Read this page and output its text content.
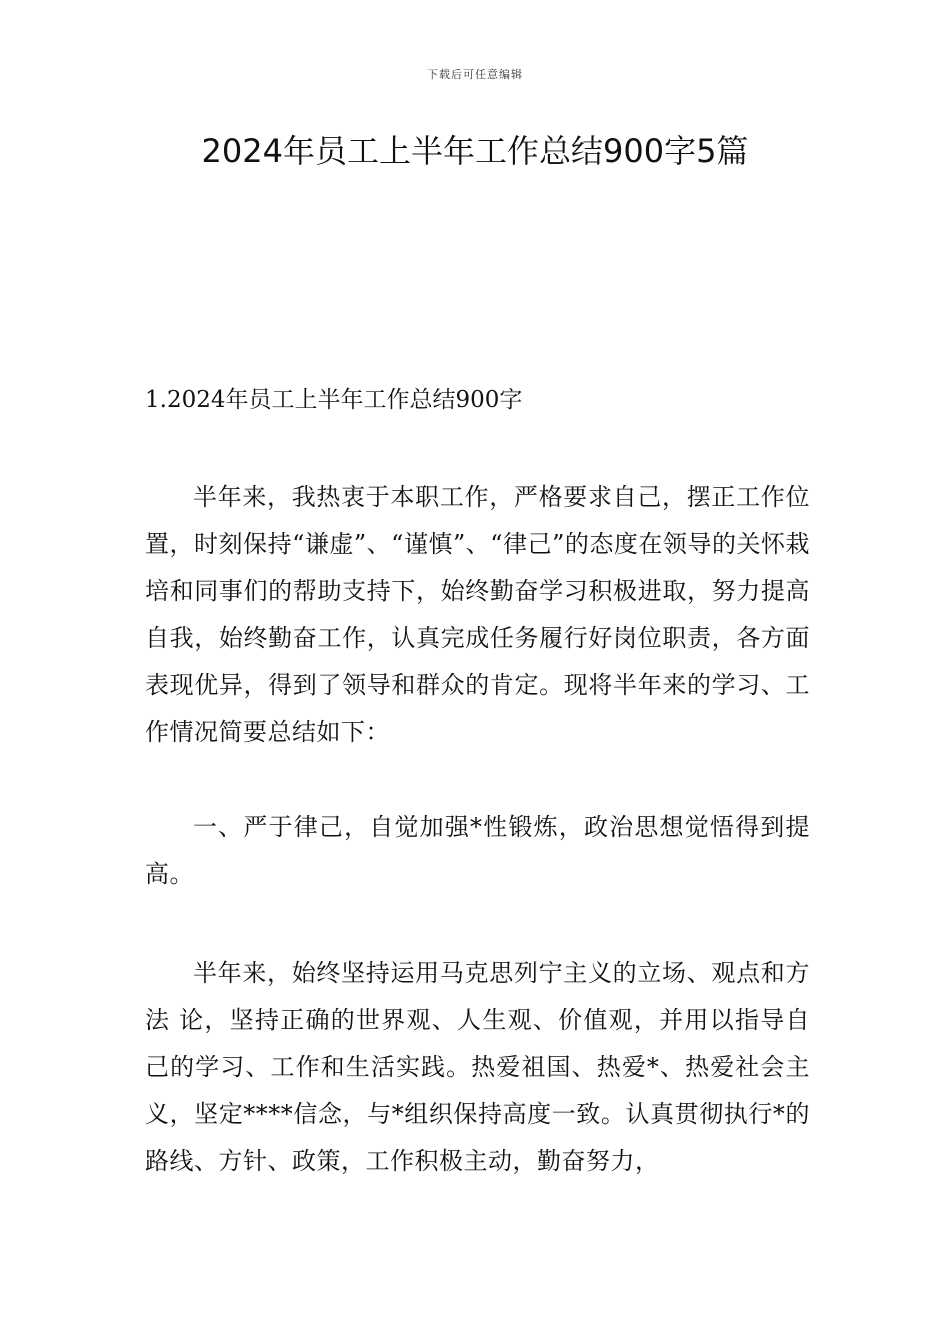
下载后可任意编辑
2024年员工上半年工作总结900字5篇

1.2024年员工上半年工作总结900字

半年来，我热衷于本职工作，严格要求自己，摆正工作位置，时刻保持“谦虚”、“谨慎”、“律己”的态度在领导的关怀栽培和同事们的帮助支持下，始终勤奋学习积极进取，努力提高自我，始终勤奋工作，认真完成任务履行好岗位职责，各方面表现优异，得到了领导和群众的肯定。现将半年来的学习、工作情况简要总结如下：

一、严于律己，自觉加强*性锻炼，政治思想觉悟得到提高。

半年来，始终坚持运用马克思列宁主义的立场、观点和方法 论，坚持正确的世界观、人生观、价值观，并用以指导自己的学习、工作和生活实践。热爱祖国、热爱*、热爱社会主义，坚定****信念，与*组织保持高度一致。认真贯彻执行*的路线、方针、政策，工作积极主动，勤奋努力，
